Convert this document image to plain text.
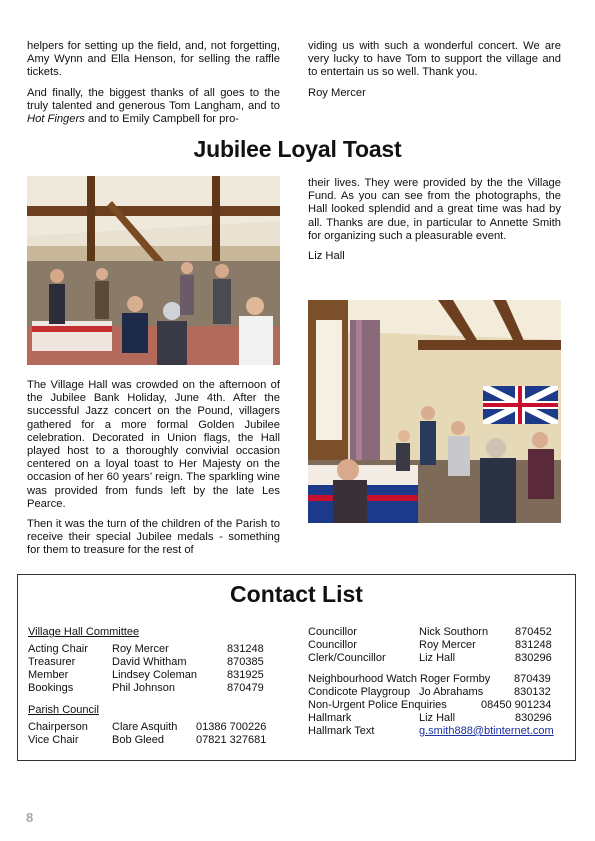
helpers for setting up the field, and, not forgetting, Amy Wynn and Ella Henson, for selling the raffle tickets.

And finally, the biggest thanks of all goes to the truly talented and generous Tom Langham, and to Hot Fingers and to Emily Campbell for pro-

viding us with such a wonderful concert. We are very lucky to have Tom to support the village and to entertain us so well. Thank you.

Roy Mercer

Jubilee Loyal Toast

The Village Hall was crowded on the afternoon of the Jubilee Bank Holiday, June 4th. After the successful Jazz concert on the Pound, villagers gathered for a more formal Golden Jubilee celebration. Decorated in Union flags, the Hall played host to a thoroughly convivial occasion centered on a loyal toast to Her Majesty on the occasion of her 60 years’ reign. The sparkling wine was provided from funds left by the late Les Pearce.

Then it was the turn of the children of the Parish to receive their special Jubilee medals - something for them to treasure for the rest of

their lives. They were provided by the the Village Fund. As you can see from the photographs, the Hall looked splendid and a great time was had by all. Thanks are due, in particular to Annette Smith for organizing such a pleasurable event.

Liz Hall

Contact List
Village Hall Committee
Acting Chair Roy Mercer	831248
Treasurer	David Whitham	870385
Member	Lindsey Coleman	831925
Bookings	Phil Johnson	870479
Parish Council
Chairperson Clare Asquith 01386 700226
Vice Chair	Bob Gleed	07821 327681
Councillor	Nick Southorn 870452
Councillor	Roy Mercer	831248
Clerk/Councillor	Liz Hall	830296
Neighbourhood Watch Roger Formby 870439
Condicote Playgroup Jo Abrahams	830132
Non-Urgent Police Enquiries	08450 901234
Hallmark	Liz Hall	830296
Hallmark Text	g.smith888@btinternet.com
8
